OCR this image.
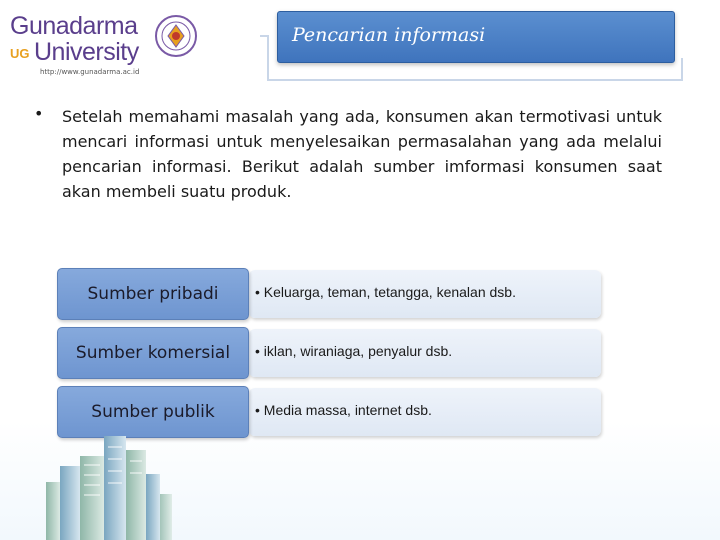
Gunadarma
UG University
http://www.gunadarma.ac.id
Pencarian informasi
• Setelah memahami masalah yang ada, konsumen akan termotivasi untuk mencari informasi untuk menyelesaikan permasalahan yang ada melalui pencarian informasi. Berikut adalah sumber imformasi konsumen saat akan membeli suatu produk.
• Keluarga, teman, tetangga, kenalan dsb.
Sumber pribadi
• iklan, wiraniaga, penyalur dsb.
Sumber komersial
• Media massa, internet dsb.
Sumber publik
